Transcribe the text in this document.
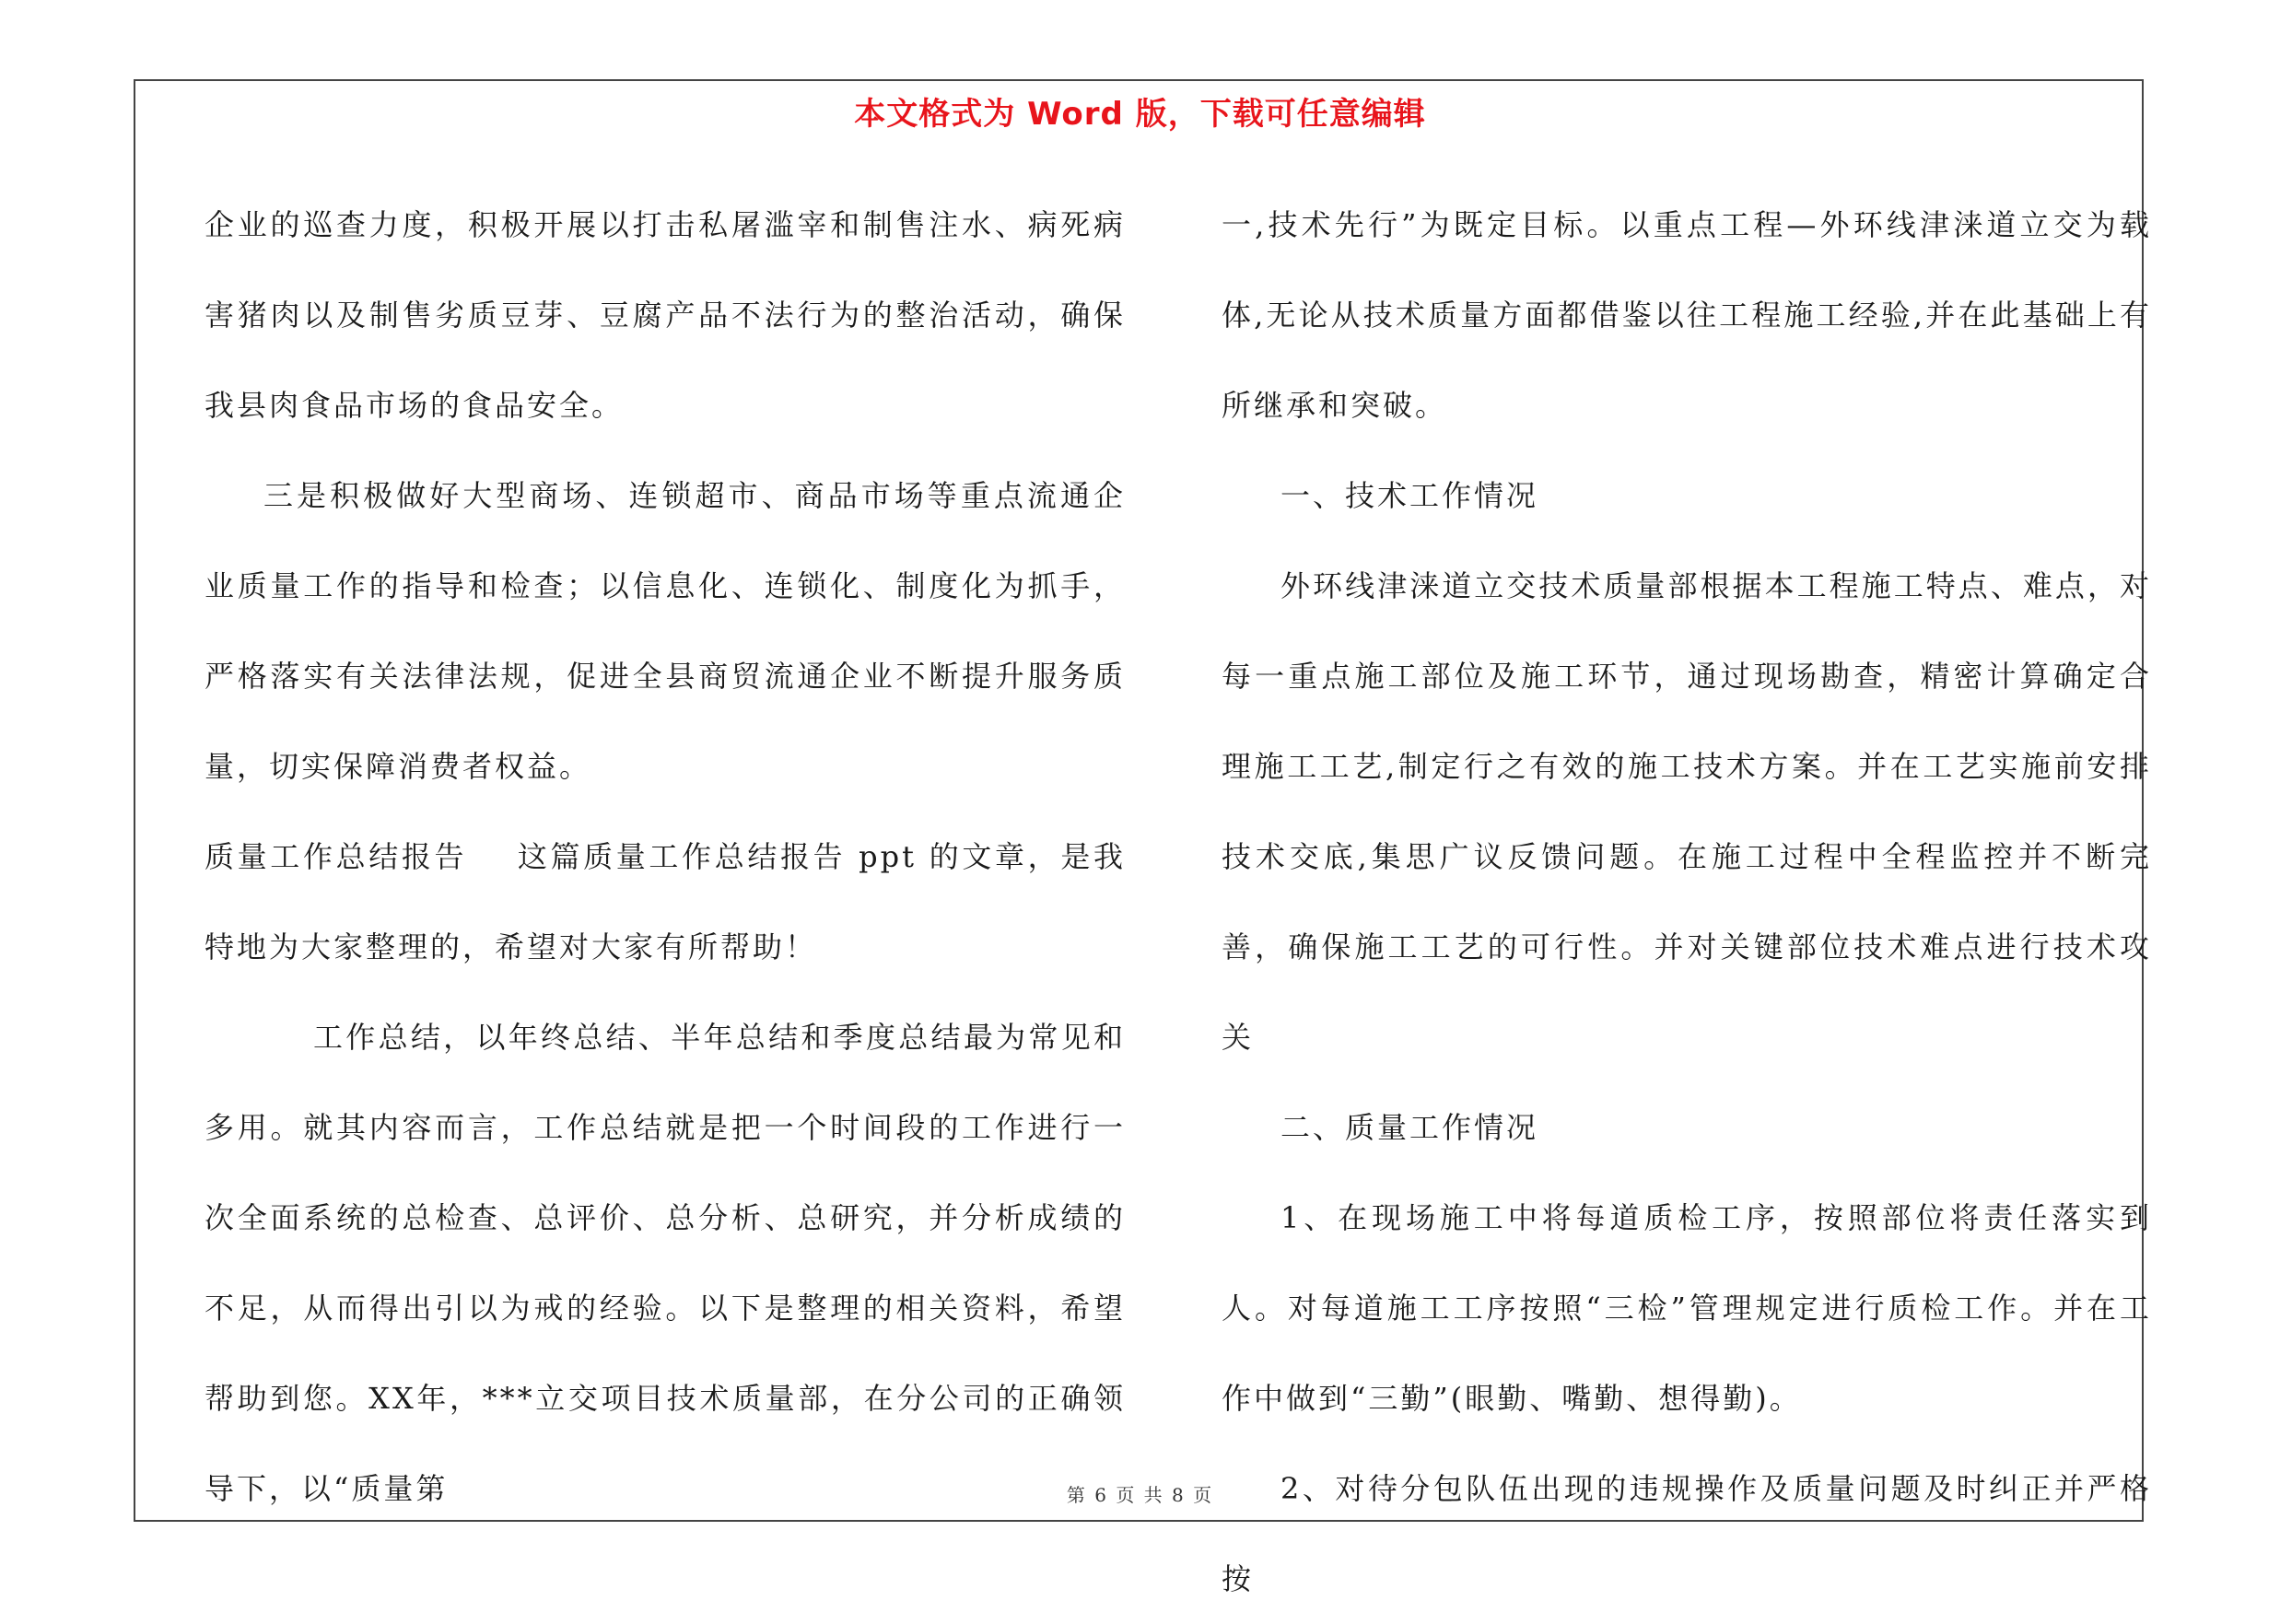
本文格式为 Word 版，下载可任意编辑

企业的巡查力度，积极开展以打击私屠滥宰和制售注水、病死病害猪肉以及制售劣质豆芽、豆腐产品不法行为的整治活动，确保我县肉食品市场的食品安全。

三是积极做好大型商场、连锁超市、商品市场等重点流通企业质量工作的指导和检查；以信息化、连锁化、制度化为抓手，严格落实有关法律法规，促进全县商贸流通企业不断提升服务质量，切实保障消费者权益。

质量工作总结报告 这篇质量工作总结报告 ppt 的文章，是我特地为大家整理的，希望对大家有所帮助！

工作总结，以年终总结、半年总结和季度总结最为常见和多用。就其内容而言，工作总结就是把一个时间段的工作进行一次全面系统的总检查、总评价、总分析、总研究，并分析成绩的不足，从而得出引以为戒的经验。以下是整理的相关资料，希望帮助到您。XX年，***立交项目技术质量部，在分公司的正确领导下，以“质量第

一,技术先行”为既定目标。以重点工程—外环线津涞道立交为载体,无论从技术质量方面都借鉴以往工程施工经验,并在此基础上有所继承和突破。

一、技术工作情况

外环线津涞道立交技术质量部根据本工程施工特点、难点，对每一重点施工部位及施工环节，通过现场勘查，精密计算确定合理施工工艺,制定行之有效的施工技术方案。并在工艺实施前安排技术交底,集思广议反馈问题。在施工过程中全程监控并不断完善，确保施工工艺的可行性。并对关键部位技术难点进行技术攻关

二、质量工作情况

1、在现场施工中将每道质检工序，按照部位将责任落实到人。对每道施工工序按照“三检”管理规定进行质检工作。并在工作中做到“三勤”(眼勤、嘴勤、想得勤)。

2、对待分包队伍出现的违规操作及质量问题及时纠正并严格按

第 6 页 共 8 页
